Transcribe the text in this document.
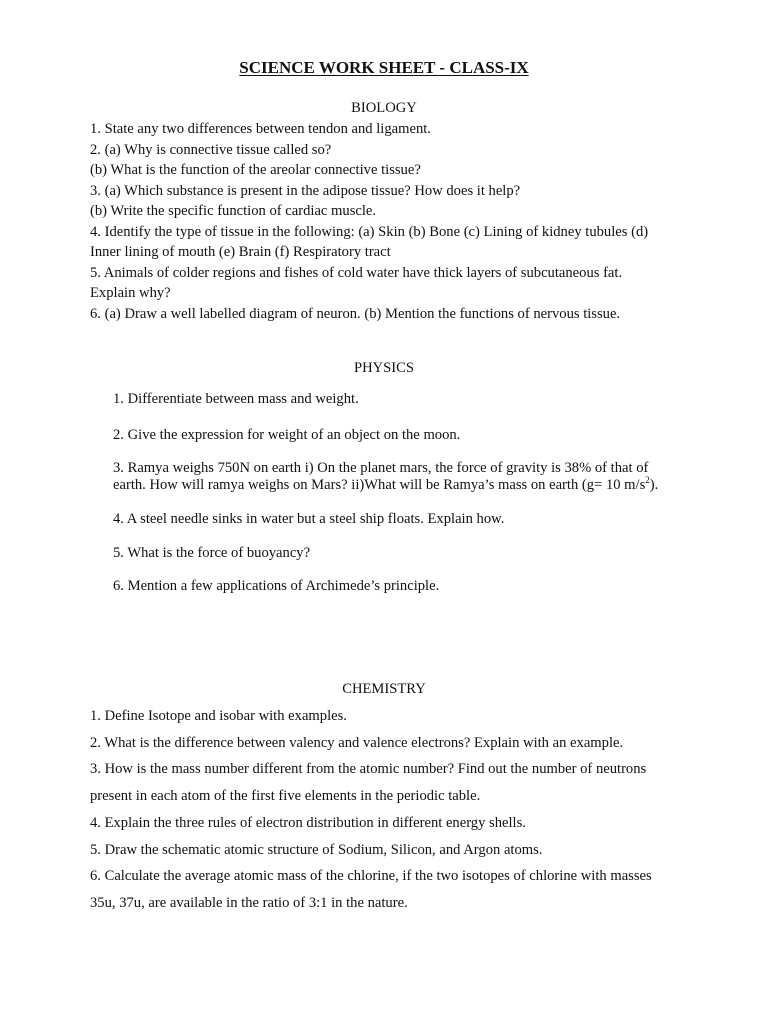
SCIENCE WORK SHEET - CLASS-IX
BIOLOGY
1. State any two differences between tendon and ligament.
2. (a) Why is connective tissue called so?
(b) What is the function of the areolar connective tissue?
3. (a) Which substance is present in the adipose tissue? How does it help?
(b) Write the specific function of cardiac muscle.
4. Identify the type of tissue in the following: (a) Skin (b) Bone (c) Lining of kidney tubules (d)
Inner lining of mouth (e) Brain (f) Respiratory tract
5. Animals of colder regions and fishes of cold water have thick layers of subcutaneous fat.
Explain why?
6. (a) Draw a well labelled diagram of neuron. (b) Mention the functions of nervous tissue.
PHYSICS
1. Differentiate between mass and weight.
2. Give the expression for weight of an object on the moon.
3. Ramya weighs 750N on earth i) On the planet mars, the force of gravity is 38% of that of
earth. How will ramya weighs on Mars? ii)What will be Ramya’s mass on earth (g= 10 $m/s^2$).
4. A steel needle sinks in water but a steel ship floats. Explain how.
5. What is the force of buoyancy?
6. Mention a few applications of Archimede’s principle.
CHEMISTRY
1. Define Isotope and isobar with examples.
2. What is the difference between valency and valence electrons? Explain with an example.
3. How is the mass number different from the atomic number? Find out the number of neutrons
present in each atom of the first five elements in the periodic table.
4. Explain the three rules of electron distribution in different energy shells.
5. Draw the schematic atomic structure of Sodium, Silicon, and Argon atoms.
6. Calculate the average atomic mass of the chlorine, if the two isotopes of chlorine with masses
35u, 37u, are available in the ratio of 3:1 in the nature.
